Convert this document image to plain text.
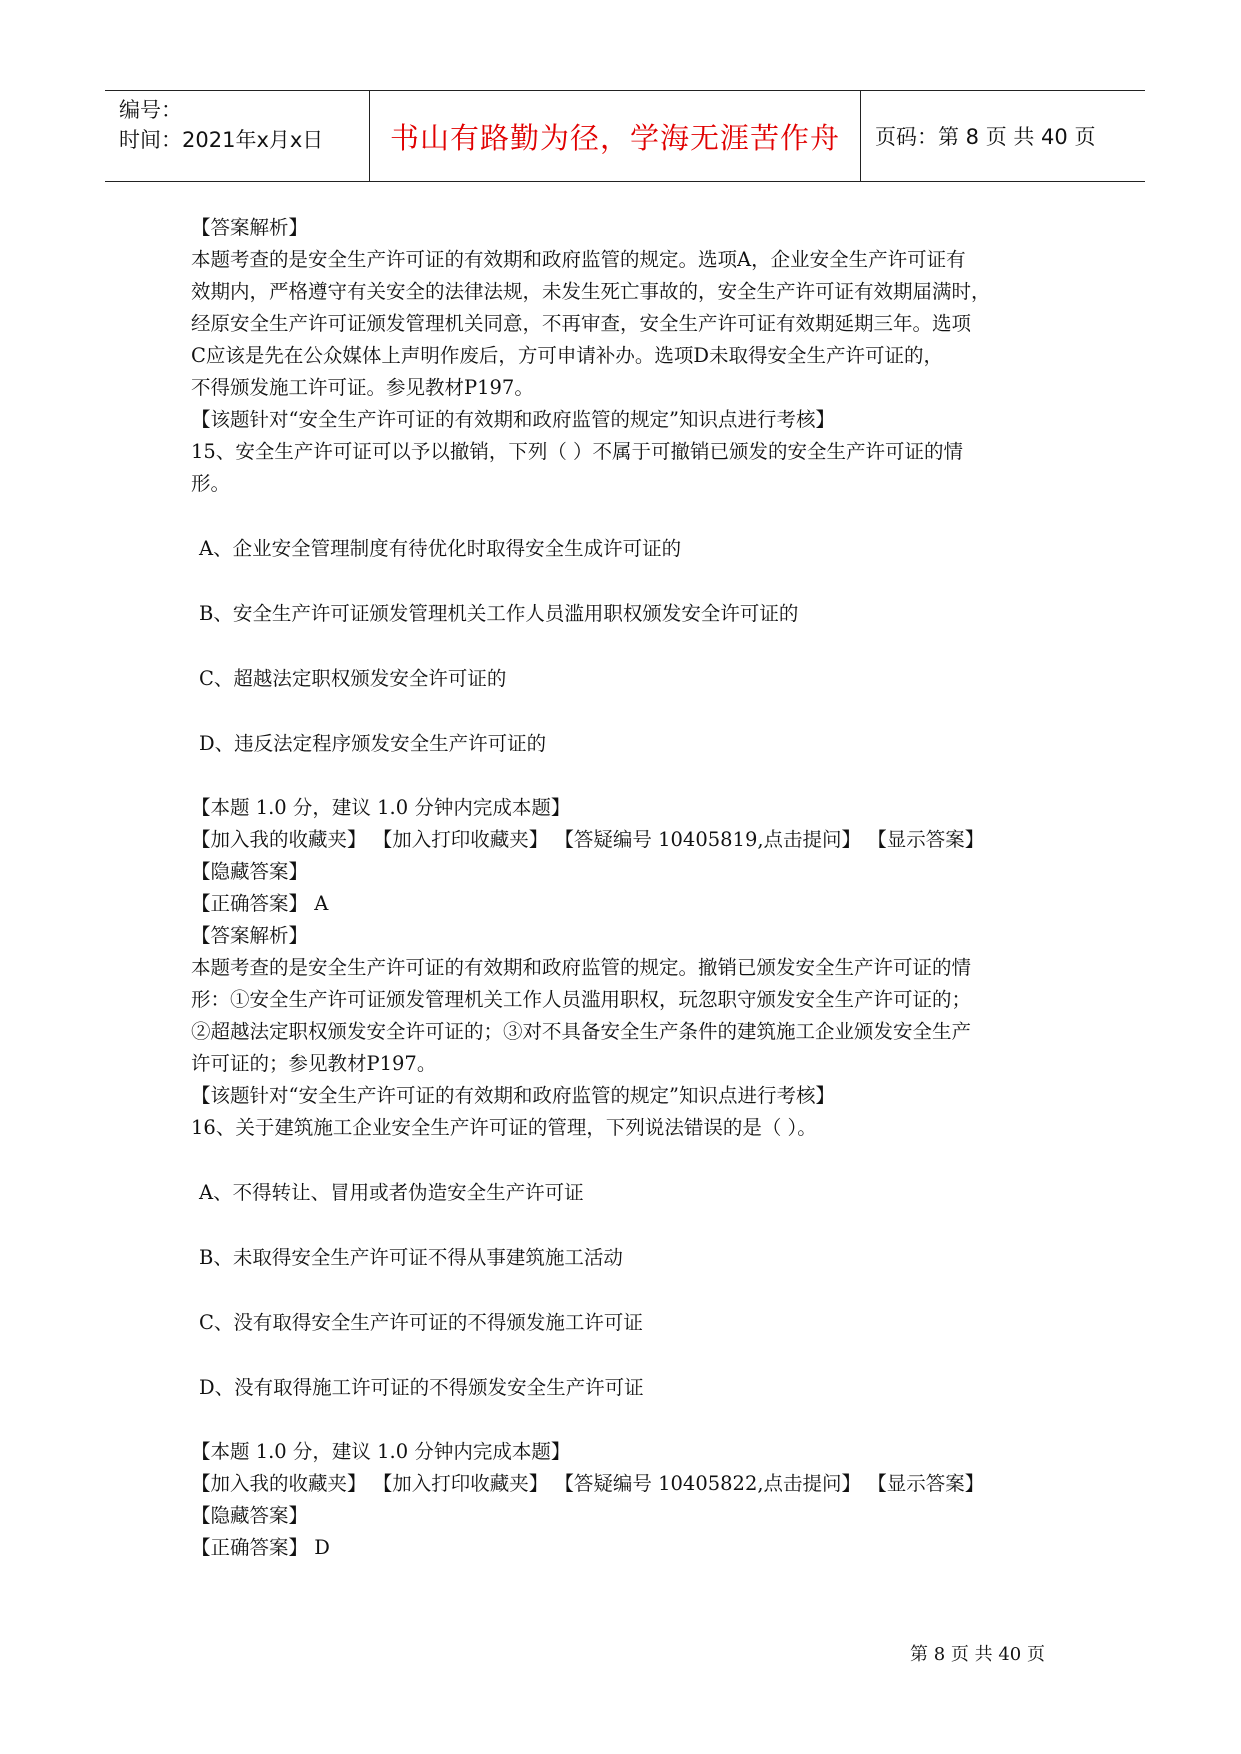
编号：
时间：2021年x月x日	书山有路勤为径，学海无涯苦作舟	页码：第 8 页 共 40 页

【答案解析】

本题考查的是安全生产许可证的有效期和政府监管的规定。选项A，企业安全生产许可证有

效期内，严格遵守有关安全的法律法规，未发生死亡事故的，安全生产许可证有效期届满时，

经原安全生产许可证颁发管理机关同意，不再审查，安全生产许可证有效期延期三年。选项

C应该是先在公众媒体上声明作废后，方可申请补办。选项D未取得安全生产许可证的，

不得颁发施工许可证。参见教材P197。

【该题针对“安全生产许可证的有效期和政府监管的规定”知识点进行考核】

15、安全生产许可证可以予以撤销，下列（ ）不属于可撤销已颁发的安全生产许可证的情

形。

A、企业安全管理制度有待优化时取得安全生成许可证的

B、安全生产许可证颁发管理机关工作人员滥用职权颁发安全许可证的

C、超越法定职权颁发安全许可证的

D、违反法定程序颁发安全生产许可证的

【本题 1.0 分，建议 1.0 分钟内完成本题】

【加入我的收藏夹】 【加入打印收藏夹】 【答疑编号 10405819,点击提问】 【显示答案】

【隐藏答案】

【正确答案】 A

【答案解析】

本题考查的是安全生产许可证的有效期和政府监管的规定。撤销已颁发安全生产许可证的情

形：①安全生产许可证颁发管理机关工作人员滥用职权，玩忽职守颁发安全生产许可证的；

②超越法定职权颁发安全许可证的；③对不具备安全生产条件的建筑施工企业颁发安全生产

许可证的；参见教材P197。

【该题针对“安全生产许可证的有效期和政府监管的规定”知识点进行考核】

16、关于建筑施工企业安全生产许可证的管理，下列说法错误的是（ ）。

A、不得转让、冒用或者伪造安全生产许可证

B、未取得安全生产许可证不得从事建筑施工活动

C、没有取得安全生产许可证的不得颁发施工许可证

D、没有取得施工许可证的不得颁发安全生产许可证

【本题 1.0 分，建议 1.0 分钟内完成本题】

【加入我的收藏夹】 【加入打印收藏夹】 【答疑编号 10405822,点击提问】 【显示答案】

【隐藏答案】

【正确答案】 D

第 8 页 共 40 页
